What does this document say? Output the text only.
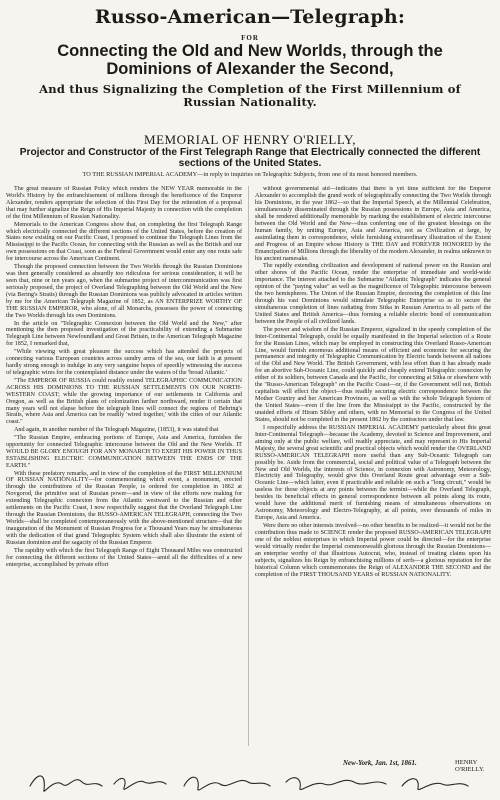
Russo-American—Telegraph:
FOR
Connecting the Old and New Worlds, through the Dominions of Alexander the Second,
And thus Signalizing the Completion of the First Millennium of Russian Nationality.
MEMORIAL OF HENRY O'RIELLY,
Projector and Constructor of the First Telegraph Range that Electrically connected the different sections of the United States.
TO THE RUSSIAN IMPERIAL ACADEMY—in reply to inquiries on Telegraphic Subjects, from one of its most honored members.

The great measure of Russian Policy which renders the NEW YEAR memorable in the World's History by the enfranchisement of millions through the beneficence of the Emperor Alexander, renders appropriate the selection of this First Day for the reiteration of a proposal that may further signalize the Reign of His Imperial Majesty in connection with the completion of the first Millennium of Russian Nationality.

Memorials to the American Congress show that, on completing the first Telegraph Range which electrically connected the different sections of the United States, before the creation of States now existing on our Pacific Coast, I proposed to continue the Telegraph Lines from the Mississippi to the Pacific Ocean, for connecting with the Russian as well as the British and our own possessions on that Coast, soon as the Federal Government would enter any one route safe for intercourse across the American Continent.

Though the proposed connection between the Two Worlds through the Russian Dominions was then generally considered as absurdly too ridiculous for serious consideration, it will be seen that, nine or ten years ago, when the submarine project of intercommunication was first seriously proposed, the project of Overland Telegraphing between the Old World and the New (via Bering's Straits) through the Russian Dominions was publicly advocated in articles written by me for the American Telegraph Magazine of 1852, as AN ENTERPRIZE WORTHY OF THE RUSSIAN EMPEROR, who alone, of all Monarchs, possesses the power of connecting the Two Worlds through his own Dominions.

In the article on "Telegraphic Connexion between the Old World and the New," after mentioning the then proposed investigation of the practicability of extending a Submarine Telegraph Line between Newfoundland and Great Britain, in the American Telegraph Magazine for 1852, I remarked that,

"While viewing with great pleasure the success which has attended the projects of connecting various European countries across sundry arms of the sea, our faith is at present hardly strong enough to indulge in any very sanguine hopes of speedily witnessing the success of telegraphic wires for the contemplated distance under the waters of the 'broad Atlantic.'

"The EMPEROR OF RUSSIA could readily extend TELEGRAPHIC COMMUNICATION ACROSS HIS DOMINIONS TO THE RUSSIAN SETTLEMENTS ON OUR NORTH-WESTERN COAST; while the growing importance of our settlements in California and Oregon, as well as the British plans of colonization farther northward, render it certain that many years will not elapse before the telegraph lines will connect the regions of Behring's Straits, where Asia and America can be readily 'wired together,' with the cities of our Atlantic coast."

And again, in another number of the Telegraph Magazine, (1853), it was stated that

"The Russian Empire, embracing portions of Europe, Asia and America, furnishes the opportunity for connected Telegraphic intercourse between the Old and the New Worlds. IT WOULD BE GLORY ENOUGH FOR ANY MONARCH TO EXERT HIS POWER IN THUS ESTABLISHING ELECTRIC COMMUNICATION BETWEEN THE ENDS OF THE EARTH."

With these prefatory remarks, and in view of the completion of the FIRST MILLENNIUM OF RUSSIAN NATIONALITY—for commemorating which event, a monument, erected through the contributions of the Russian People, is ordered for completion in 1862 at Novgorod, the primitive seat of Russian power—and in view of the efforts now making for extending Telegraphic connexion from the Atlantic westward to the Russian and other settlements on the Pacific Coast, I now respectfully suggest that the Overland Telegraph Line through the Russian Dominions, the RUSSO-AMERICAN TELEGRAPH, connecting the Two Worlds—shall be completed contemporaneously with the above-mentioned structure—that the inauguration of the Monument of Russian Progress for a Thousand Years may be simultaneous with the dedication of that grand Telegraphic System which shall also illustrate the extent of Russian dominion and the sagacity of the Russian Emperor.

The rapidity with which the first Telegraph Range of Eight Thousand Miles was constructed for connecting the different sections of the United States—amid all the difficulties of a new enterprise, accomplished by private effort

without governmental aid—indicates that there is yet time sufficient for the Emperor Alexander to accomplish the grand work of telegraphically connecting the Two Worlds through his Dominions, in the year 1862—so that the Imperial Speech, at the Millennial Celebration, simultaneously disseminated through the Russian possessions in Europe, Asia and America, shall be rendered additionally memorable by marking the establishment of electric intercourse between the Old World and the New—thus conferring one of the greatest blessings on the human family, by uniting Europe, Asia and America, not as Civilization at large, by assimilating them in correspondence, while furnishing extraordinary illustration of the Extent and Progress of an Empire whose History is THE DAY and FOREVER HONORED by the Emancipation of Millions through the liberality of the modern Alexander, in realms unknown to his ancient namesake.

The rapidly extending civilization and development of national power on the Russian and other shores of the Pacific Ocean, render the enterprise of immediate and world-wide importance. The interest attached to the Submarine "Atlantic Telegraph" indicates the general opinion of the "paying value" as well as the magnificence of Telegraphic intercourse between the two hemispheres. The Union of the Russian Empire, decreeing the completion of this line through his vast Dominions would stimulate Telegraphic Enterprise so as to secure the simultaneous completion of lines radiating from Sitka in Russian America to all parts of the United States and British America—thus forming a reliable electric bond of communication between the People of all civilized lands.

The power and wisdom of the Russian Emperor, signalized in the speedy completion of the Inter-Continental Telegraph, could be equally manifested in the Imperial selection of a Route for the Russian Lines, which may be employed in constructing this Overland Russo-American Line, would furnish enormous additional means of efficient and economic for securing the permanence and integrity of Telegraphic Communication by Electric bands between all nations of the Old and New World. The British Government, with less effort than it has already made for an abortive Sub-Oceanic Line, could quickly and cheaply extend Telegraphic connexion by either of its soldiers, between Canada and the Pacific, for connecting at Sitka or elsewhere with the "Russo-American Telegraph" on the Pacific Coast—or, if the Government will not, British capitalists will effect the object—thus readily securing electric correspondence between the Mother Country and her American Provinces, as well as with the whole Telegraph System of the United States—even if the line from the Mississippi to the Pacific, constructed by the unaided efforts of Hiram Sibley and others, with no Memorial to the Congress of the United States, should not be completed in the present 1862 by the contractors under that law.

I respectfully address the RUSSIAN IMPERIAL ACADEMY particularly about this great Inter-Continental Telegraph—because the Academy, devoted to Science and Improvement, and aiming only at the public welfare, will readily appreciate, and may represent to His Imperial Majesty, the several great scientific and practical objects which would render the OVERLAND RUSSO-AMERICAN TELEGRAPH more useful than any Sub-Oceanic Telegraph can possibly be. Aside from the commercial, social and political value of a Telegraph between the New and Old Worlds, the interests of Science, in connexion with Astronomy, Meteorology, Electricity and Telegraphy, would give this Overland Route great advantage over a Sub-Oceanic Line—which latter, even if practicable and reliable on such a "long circuit," would be useless for those objects at any points between the termini—while the Overland Telegraph, besides its beneficial effects in general correspondence between all points along its route, would have the additional merit of furnishing means of simultaneous observations on Astronomy, Meteorology and Electro-Telegraphy, at all points, over thousands of miles in Europe, Asia and America.

Were there no other interests involved—no other benefits to be realized—it would not be the contribution thus made to SCIENCE render the proposed RUSSO-AMERICAN TELEGRAPH one of the noblest enterprises to which Imperial power could be directed—for the enterprise would virtually render the Imperial commonwealth glorious through the Russian Dominions—an enterprise worthy of that illustrious Autocrat, who, instead of treating claims upon his subjects, signalizes his Reign by enfranchising millions of serfs—a glorious reputation for the historical Column which commemorates the Reign of ALEXANDER THE SECOND and the completion of the FIRST THOUSAND YEARS of RUSSIAN NATIONALITY.

HENRY O'RIELLY.
New-York, Jan. 1st, 1861.
